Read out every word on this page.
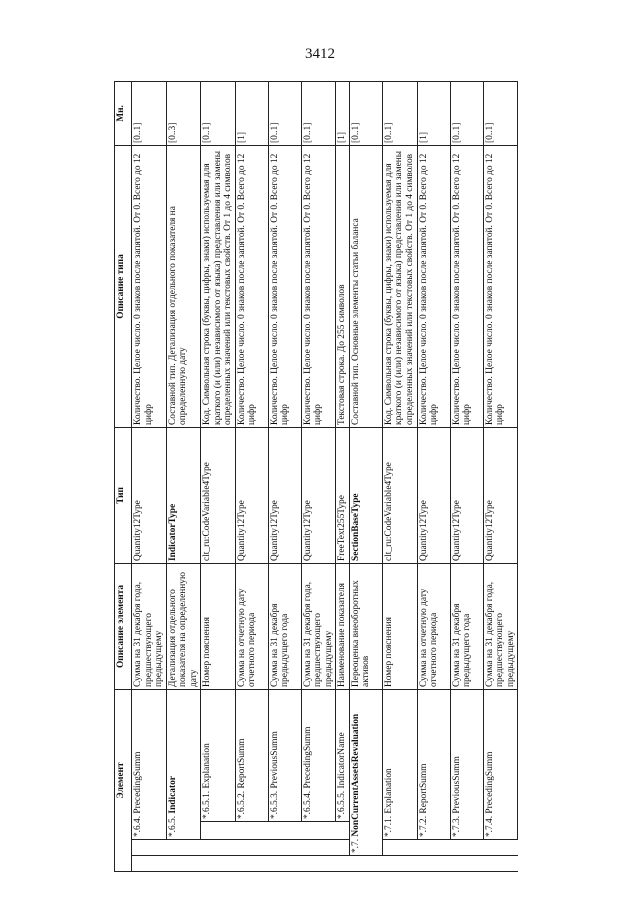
3412
Элемент				Описание элемента	Тип	Описание типа	Мн.
		*.6.4. PrecedingSumm		Сумма на 31 декабря года, предшествующего предыдущему	Quantity12Type	Количество. Целое число. 0 знаков после запятой. От 0. Всего до 12 цифр	[0..1]
		*.6.5. Indicator		Детализация отдельного показателя на определенную дату	IndicatorType	Составной тип. Детализация отдельного показателя на определенную дату	[0..3]
			*.6.5.1. Explanation	Номер пояснения	clt_ru:CodeVariable4Type	Код. Символьная строка (буквы, цифры, знаки) используемая для краткого (и (или) независимого от языка) представления или замены определенных значений или текстовых свойств. От 1 до 4 символов	[0..1]
			*.6.5.2. ReportSumm	Сумма на отчетную дату отчетного периода	Quantity12Type	Количество. Целое число. 0 знаков после запятой. От 0. Всего до 12 цифр	[1]
			*.6.5.3. PreviousSumm	Сумма на 31 декабря предыдущего года	Quantity12Type	Количество. Целое число. 0 знаков после запятой. От 0. Всего до 12 цифр	[0..1]
			*.6.5.4. PrecedingSumm	Сумма на 31 декабря года, предшествующего предыдущему	Quantity12Type	Количество. Целое число. 0 знаков после запятой. От 0. Всего до 12 цифр	[0..1]
			*.6.5.5. IndicatorName	Наименование показателя	FreeText255Type	Текстовая строка. До 255 символов	[1]
	*.7. NonCurrentAssetsRevaluation			Переоценка внеоборотных активов	SectionBaseType	Составной тип. Основные элементы статьи баланса	[0..1]
		*.7.1. Explanation		Номер пояснения	clt_ru:CodeVariable4Type	Код. Символьная строка (буквы, цифры, знаки) используемая для краткого (и (или) независимого от языка) представления или замены определенных значений или текстовых свойств. От 1 до 4 символов	[0..1]
		*.7.2. ReportSumm		Сумма на отчетную дату отчетного периода	Quantity12Type	Количество. Целое число. 0 знаков после запятой. От 0. Всего до 12 цифр	[1]
		*.7.3. PreviousSumm		Сумма на 31 декабря предыдущего года	Quantity12Type	Количество. Целое число. 0 знаков после запятой. От 0. Всего до 12 цифр	[0..1]
		*.7.4. PrecedingSumm		Сумма на 31 декабря года, предшествующего предыдущему	Quantity12Type	Количество. Целое число. 0 знаков после запятой. От 0. Всего до 12 цифр	[0..1]
